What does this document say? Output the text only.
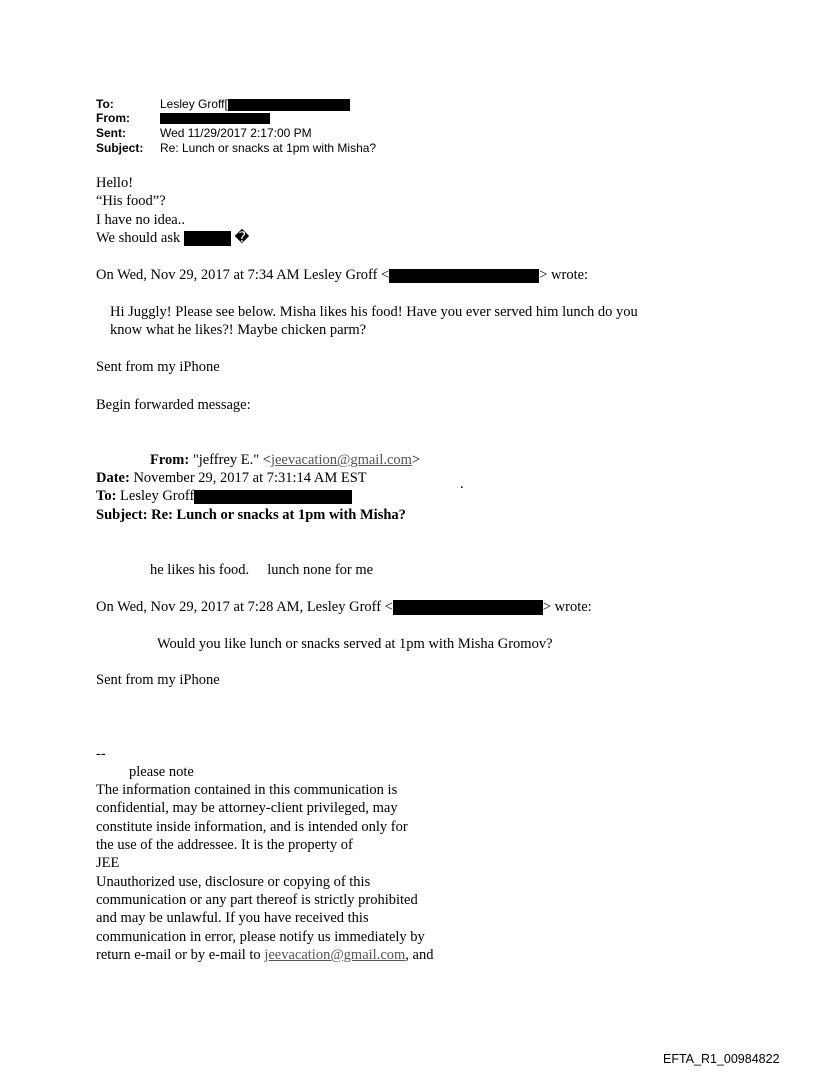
To:	Lesley Groff[
From:
Sent:	Wed 11/29/2017 2:17:00 PM
Subject: Re: Lunch or snacks at 1pm with Misha?
Hello!
“His food”?
I have no idea..
We should ask	�
On Wed, Nov 29, 2017 at 7:34 AM Lesley Groff <	> wrote:
Hi Juggly! Please see below. Misha likes his food! Have you ever served him lunch do you
know what he likes?! Maybe chicken parm?
Sent from my iPhone
Begin forwarded message:
From: "jeffrey E." <jeevacation@gmail.com>
Date: November 29, 2017 at 7:31:14 AM EST
To: Lesley Groff
.
Subject: Re: Lunch or snacks at 1pm with Misha?
he likes his food.     lunch none for me
On Wed, Nov 29, 2017 at 7:28 AM, Lesley Groff <	> wrote:
Would you like lunch or snacks served at 1pm with Misha Gromov?
Sent from my iPhone
--
please note
The information contained in this communication is
confidential, may be attorney-client privileged, may
constitute inside information, and is intended only for
the use of the addressee. It is the property of
JEE
Unauthorized use, disclosure or copying of this
communication or any part thereof is strictly prohibited
and may be unlawful. If you have received this
communication in error, please notify us immediately by
return e-mail or by e-mail to jeevacation@gmail.com, and
EFTA_R1_00984822
